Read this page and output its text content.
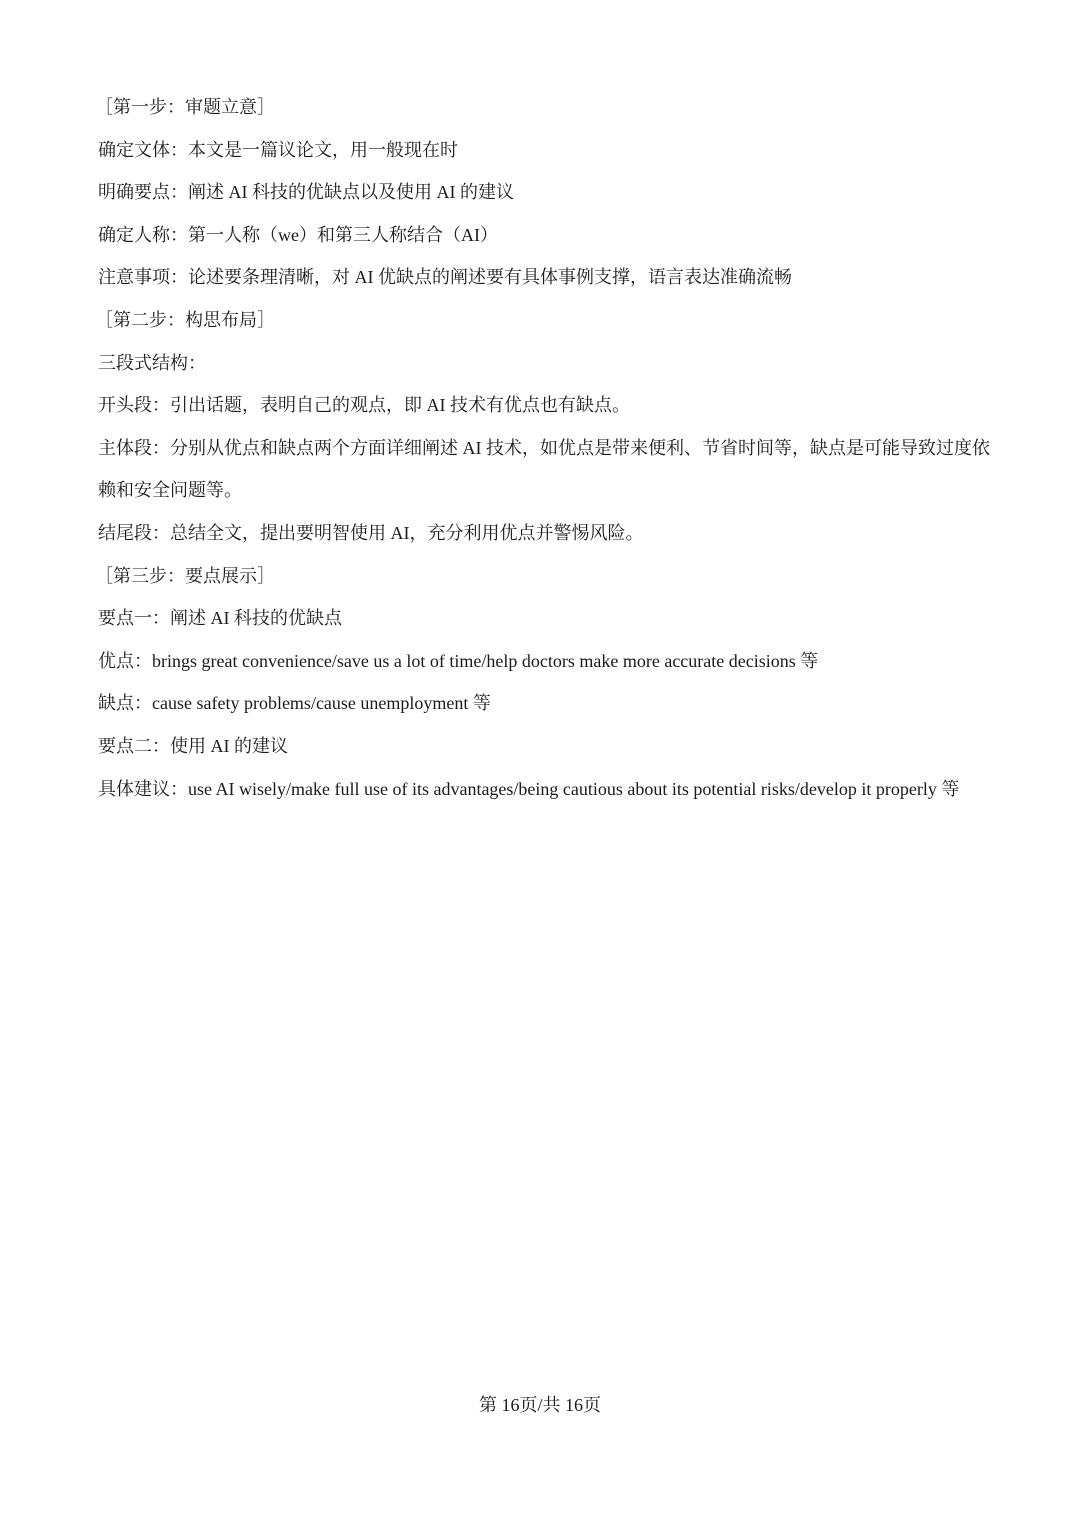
［第一步：审题立意］
确定文体：本文是一篇议论文，用一般现在时
明确要点：阐述 AI 科技的优缺点以及使用 AI 的建议
确定人称：第一人称（we）和第三人称结合（AI）
注意事项：论述要条理清晰，对 AI 优缺点的阐述要有具体事例支撑，语言表达准确流畅
［第二步：构思布局］
三段式结构：
开头段：引出话题，表明自己的观点，即 AI 技术有优点也有缺点。
主体段：分别从优点和缺点两个方面详细阐述 AI 技术，如优点是带来便利、节省时间等，缺点是可能导致过度依赖和安全问题等。
结尾段：总结全文，提出要明智使用 AI，充分利用优点并警惕风险。
［第三步：要点展示］
要点一：阐述 AI 科技的优缺点
优点：brings great convenience/save us a lot of time/help doctors make more accurate decisions 等
缺点：cause safety problems/cause unemployment 等
要点二：使用 AI 的建议
具体建议：use AI wisely/make full use of its advantages/being cautious about its potential risks/develop it properly 等
第 16页/共 16页
